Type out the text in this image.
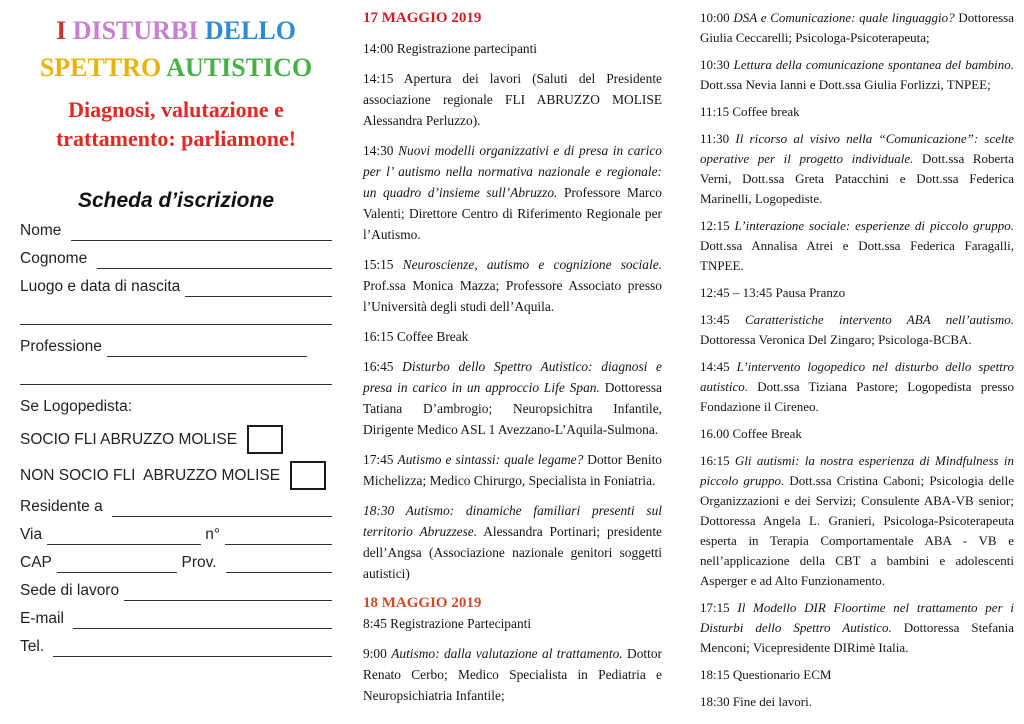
I DISTURBI DELLO
SPETTRO AUTISTICO
Diagnosi, valutazione e
trattamento: parliamone!
Scheda d’iscrizione
Nome
Cognome
Luogo e data di nascita
Professione
Se Logopedista:
SOCIO FLI ABRUZZO MOLISE
NON SOCIO FLI  ABRUZZO MOLISE
Residente a
Via	n°
CAP	Prov.
Sede di lavoro
E-mail
Tel.

17 MAGGIO 2019

14:00 Registrazione partecipanti

14:15 Apertura dei lavori (Saluti del Presidente associazione regionale FLI ABRUZZO MOLISE Alessandra Perluzzo).

14:30 Nuovi modelli organizzativi e di presa in carico per l’ autismo nella normativa nazionale e regionale: un quadro d’insieme sull’Abruzzo. Professore Marco Valenti; Direttore Centro di Riferimento Regionale per l’Autismo.

15:15 Neuroscienze, autismo e cognizione sociale. Prof.ssa Monica Mazza; Professore Associato presso l’Università degli studi dell’Aquila.

16:15 Coffee Break

16:45 Disturbo dello Spettro Autistico: diagnosi e presa in carico in un approccio Life Span. Dottoressa Tatiana D’ambrogio; Neuropsichitra Infantile, Dirigente Medico ASL 1 Avezzano-L’Aquila-Sulmona.

17:45 Autismo e sintassi: quale legame? Dottor Benito Michelizza; Medico Chirurgo, Specialista in Foniatria.

18:30 Autismo: dinamiche familiari presenti sul territorio Abruzzese. Alessandra Portinari; presidente dell’Angsa (Associazione nazionale genitori soggetti autistici)

18 MAGGIO 2019

8:45 Registrazione Partecipanti

9:00 Autismo: dalla valutazione al trattamento. Dottor Renato Cerbo; Medico Specialista in Pediatria e Neuropsichiatria Infantile;

10:00 DSA e Comunicazione: quale linguaggio? Dottoressa Giulia Ceccarelli; Psicologa-Psicoterapeuta;

10:30 Lettura della comunicazione spontanea del bambino. Dott.ssa Nevia Ianni e Dott.ssa Giulia Forlizzi, TNPEE;

11:15 Coffee break

11:30 Il ricorso al visivo nella “Comunicazione”: scelte operative per il progetto individuale. Dott.ssa Roberta Verni, Dott.ssa Greta Patacchini e Dott.ssa Federica Marinelli, Logopediste.

12:15 L’interazione sociale: esperienze di piccolo gruppo. Dott.ssa Annalisa Atrei e Dott.ssa Federica Faragalli, TNPEE.

12:45 – 13:45 Pausa Pranzo

13:45 Caratteristiche intervento ABA nell’autismo. Dottoressa Veronica Del Zingaro; Psicologa-BCBA.

14:45 L’intervento logopedico nel disturbo dello spettro autistico. Dott.ssa Tiziana Pastore; Logopedista presso Fondazione il Cireneo.

16.00 Coffee Break

16:15 Gli autismi: la nostra esperienza di Mindfulness in piccolo gruppo. Dott.ssa Cristina Caboni; Psicologia delle Organizzazioni e dei Servizi; Consulente ABA-VB senior; Dottoressa Angela L. Granieri, Psicologa-Psicoterapeuta esperta in Terapia Comportamentale ABA - VB e nell’applicazione della CBT a bambini e adolescenti Asperger e ad Alto Funzionamento.

17:15 Il Modello DIR Floortime nel trattamento per i Disturbi dello Spettro Autistico. Dottoressa Stefania Menconi; Vicepresidente DIRimè Italia.

18:15 Questionario ECM

18:30 Fine dei lavori.
